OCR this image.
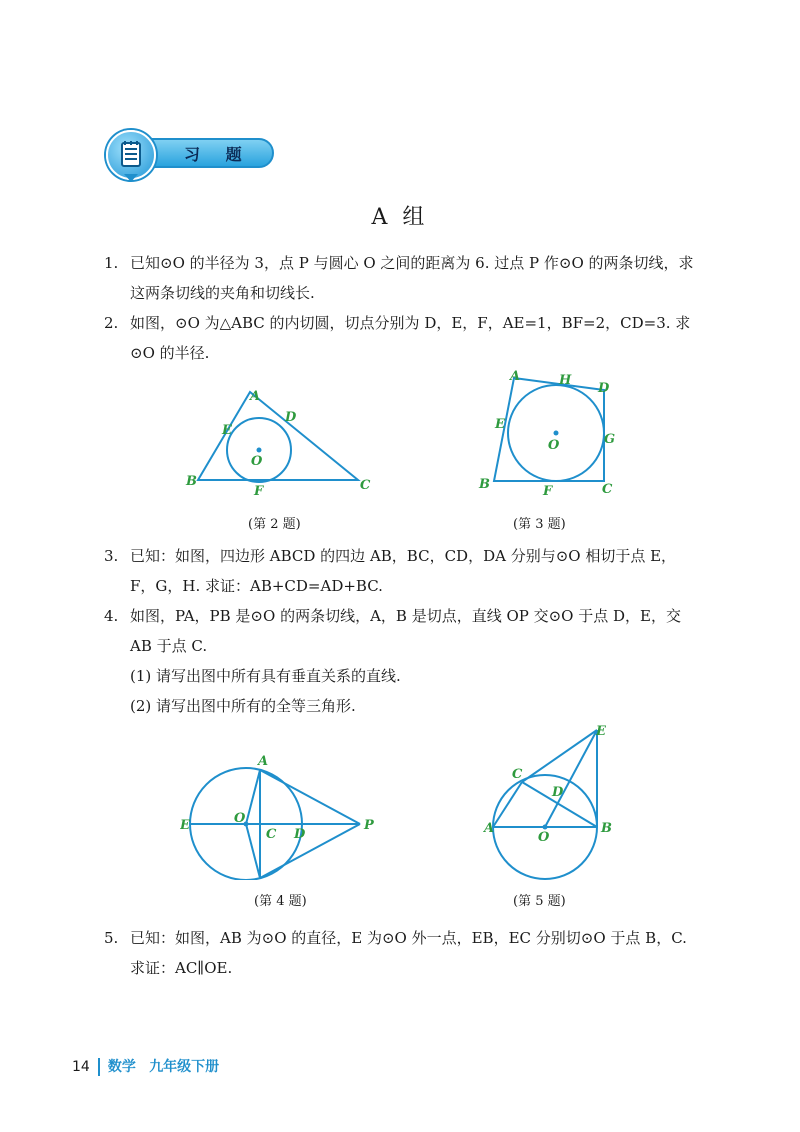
习 题
A 组
1. 已知⊙O 的半径为 3，点 P 与圆心 O 之间的距离为 6. 过点 P 作⊙O 的两条切线，求这两条切线的夹角和切线长.
2. 如图，⊙O 为△ABC 的内切圆，切点分别为 D，E，F，AE=1，BF=2，CD=3. 求⊙O 的半径.
A
B	C
D
E
F
O
(第 2 题)
A
B	C
D
E
F
G
H
O
(第 3 题)
3. 已知：如图，四边形 ABCD 的四边 AB，BC，CD，DA 分别与⊙O 相切于点 E，F，G，H. 求证：AB+CD=AD+BC.
4. 如图，PA，PB 是⊙O 的两条切线，A，B 是切点，直线 OP 交⊙O 于点 D，E，交 AB 于点 C.
(1) 请写出图中所有具有垂直关系的直线.
(2) 请写出图中所有的全等三角形.
A
C D
E	O	P
(第 4 题)
A	B
C
D
E
O
(第 5 题)
5. 已知：如图，AB 为⊙O 的直径，E 为⊙O 外一点，EB，EC 分别切⊙O 于点 B，C. 求证：AC∥OE.
14 数学 九年级下册
